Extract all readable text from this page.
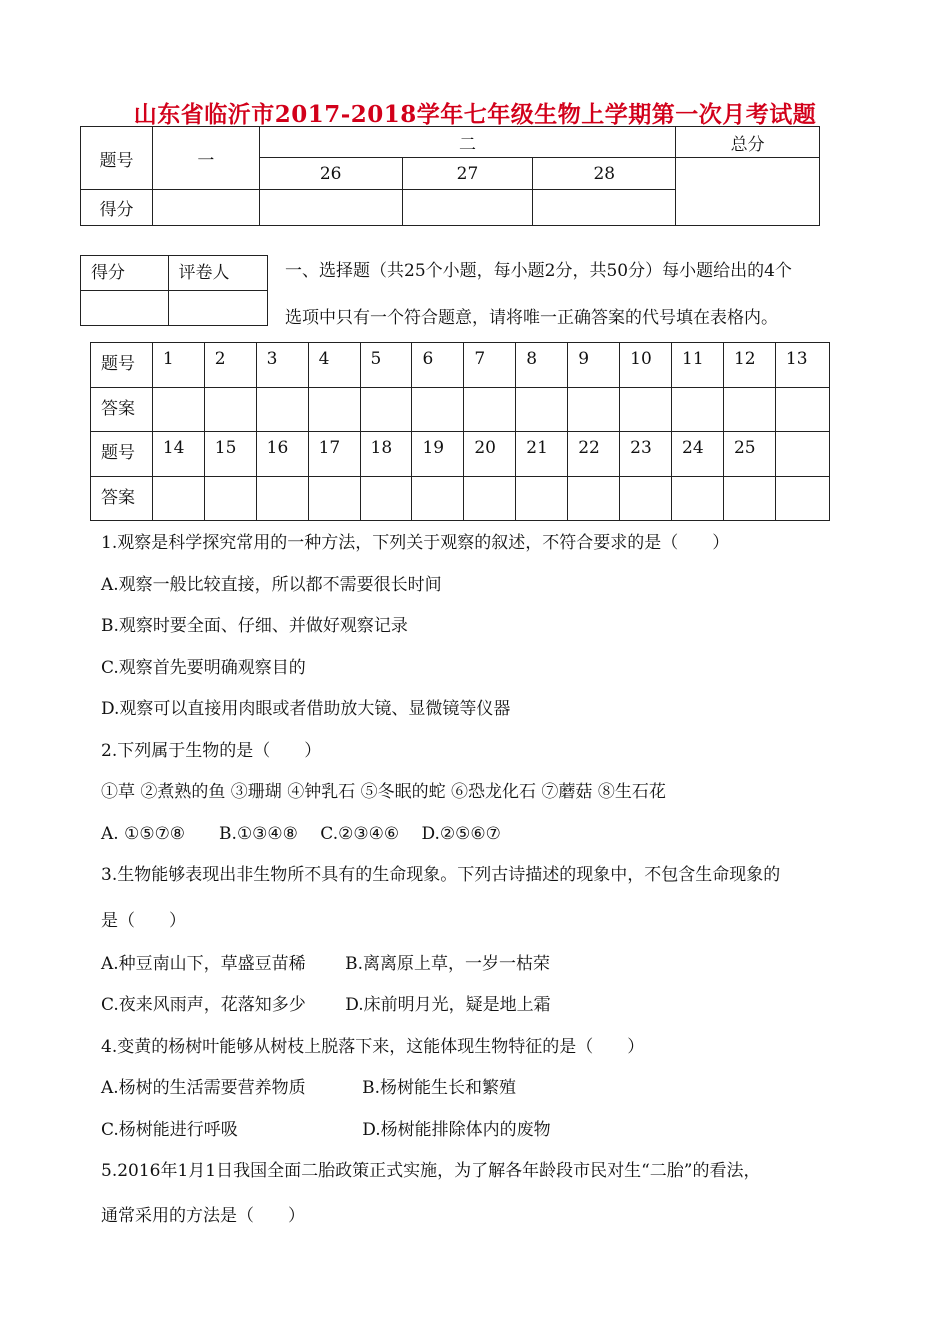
山东省临沂市2017-2018学年七年级生物上学期第一次月考试题
题号	一	二			总分
		26	27	28	
得分					
得分	评卷人
		一、选择题（共25个小题，每小题2分，共50分）每小题给出的4个
选项中只有一个符合题意，请将唯一正确答案的代号填在表格内。
题号	1	2	3	4	5	6	7	8	9	10	11	12	13
答案													
题号	14	15	16	17	18	19	20	21	22	23	24	25	
答案													
1.观察是科学探究常用的一种方法，下列关于观察的叙述，不符合要求的是（　　）
A.观察一般比较直接，所以都不需要很长时间
B.观察时要全面、仔细、并做好观察记录
C.观察首先要明确观察目的
D.观察可以直接用肉眼或者借助放大镜、显微镜等仪器
2.下列属于生物的是（　　）
①草 ②煮熟的鱼 ③珊瑚 ④钟乳石 ⑤冬眠的蛇 ⑥恐龙化石 ⑦蘑菇 ⑧生石花
A. ①⑤⑦⑧　　B.①③④⑧　 C.②③④⑥　 D.②⑤⑥⑦
3.生物能够表现出非生物所不具有的生命现象。下列古诗描述的现象中，不包含生命现象的
是（　　）
A.种豆南山下，草盛豆苗稀　　 B.离离原上草，一岁一枯荣
C.夜来风雨声，花落知多少　　 D.床前明月光，疑是地上霜
4.变黄的杨树叶能够从树枝上脱落下来，这能体现生物特征的是（　　）
A.杨树的生活需要营养物质　　　 B.杨树能生长和繁殖
C.杨树能进行呼吸　　　　　　　 D.杨树能排除体内的废物
5.2016年1月1日我国全面二胎政策正式实施，为了解各年龄段市民对生“二胎”的看法，
通常采用的方法是（　　）
